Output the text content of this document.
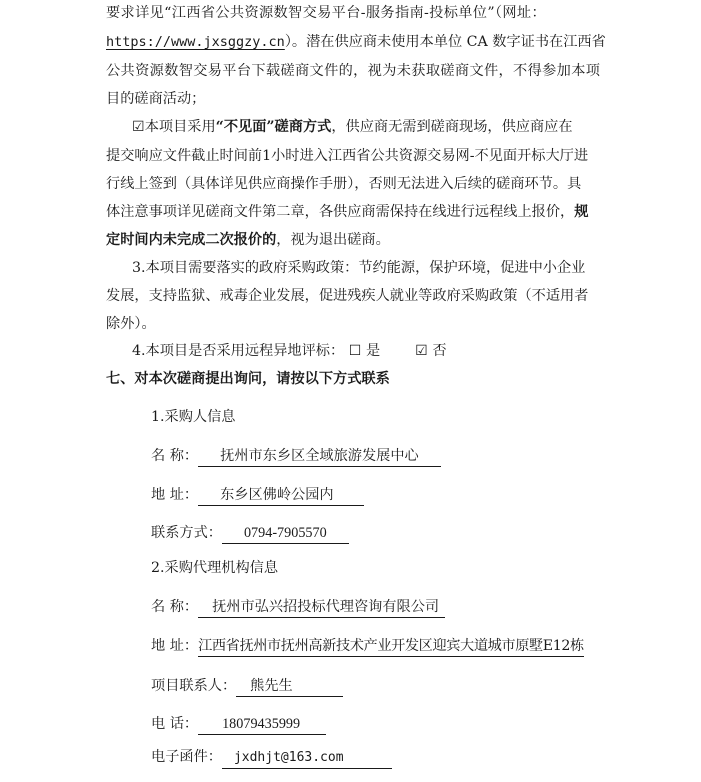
要求详见“江西省公共资源数智交易平台-服务指南-投标单位”（网址：
https://www.jxsggzy.cn）。潜在供应商未使用本单位 CA 数字证书在江西省
公共资源数智交易平台下载磋商文件的，视为未获取磋商文件，不得参加本项
目的磋商活动；
☑本项目采用“不见面”磋商方式，供应商无需到磋商现场，供应商应在
提交响应文件截止时间前1小时进入江西省公共资源交易网-不见面开标大厅进
行线上签到（具体详见供应商操作手册），否则无法进入后续的磋商环节。具
体注意事项详见磋商文件第二章，各供应商需保持在线进行远程线上报价，规
定时间内未完成二次报价的，视为退出磋商。
3.本项目需要落实的政府采购政策：节约能源，保护环境，促进中小企业
发展，支持监狱、戒毒企业发展，促进残疾人就业等政府采购政策（不适用者
除外）。
4.本项目是否采用远程异地评标： ☐ 是 ☑ 否
七、对本次磋商提出询问，请按以下方式联系
1.采购人信息
名 称： 抚州市东乡区全域旅游发展中心
地 址： 东乡区佛岭公园内
联系方式： 0794-7905570
2.采购代理机构信息
名 称： 抚州市弘兴招投标代理咨询有限公司
地 址：江西省抚州市抚州高新技术产业开发区迎宾大道城市原墅E12栋
项目联系人： 熊先生
电 话： 18079435999
电子函件： jxdhjt@163.com
